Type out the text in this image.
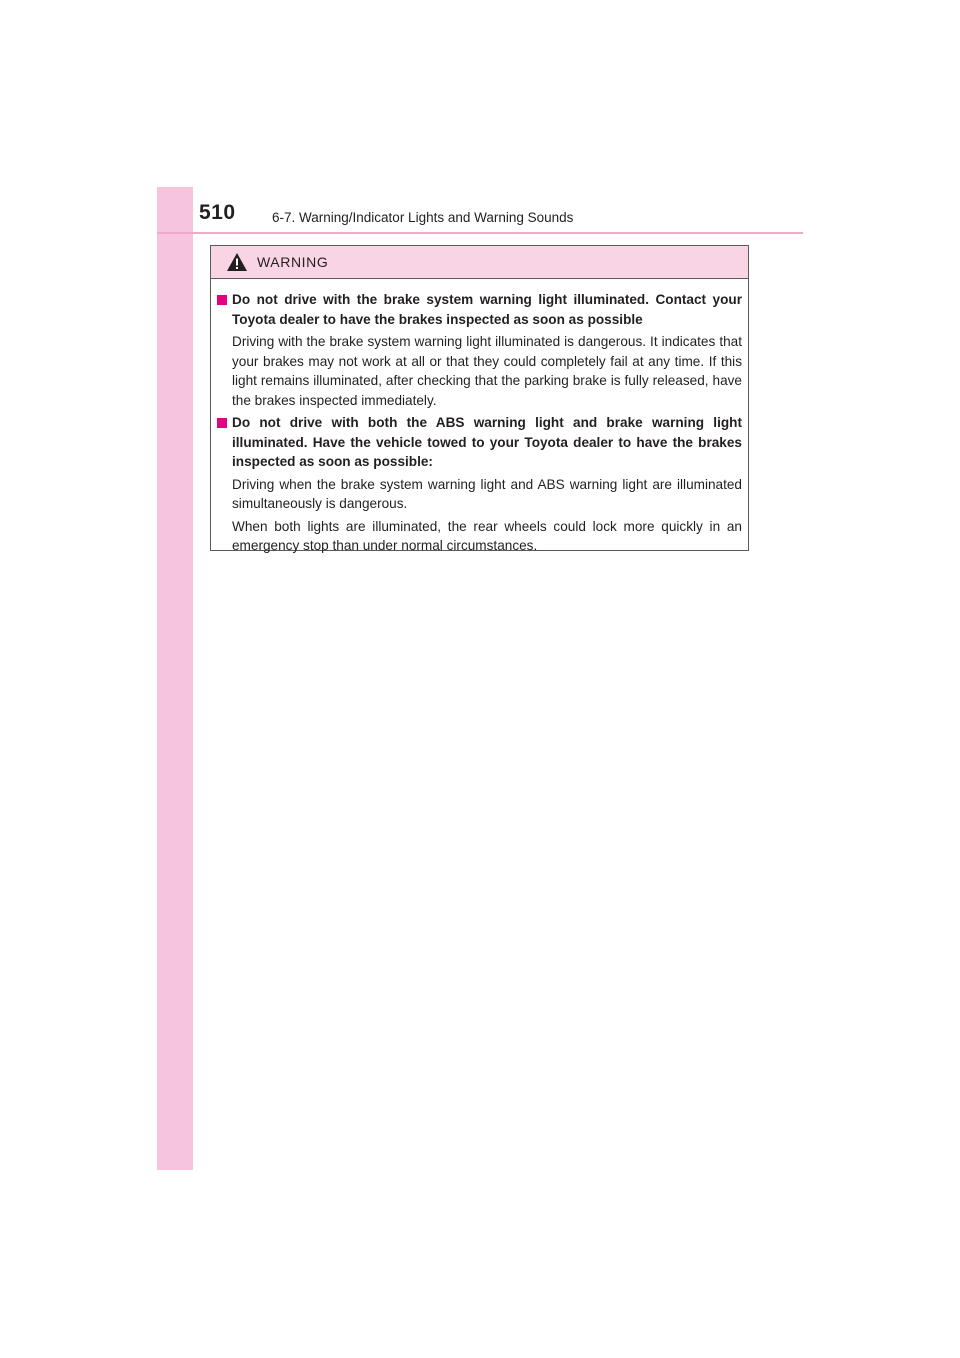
510	6-7. Warning/Indicator Lights and Warning Sounds
WARNING
Do not drive with the brake system warning light illuminated. Contact your Toyota dealer to have the brakes inspected as soon as possible
Driving with the brake system warning light illuminated is dangerous. It indicates that your brakes may not work at all or that they could completely fail at any time. If this light remains illuminated, after checking that the parking brake is fully released, have the brakes inspected immediately.
Do not drive with both the ABS warning light and brake warning light illuminated. Have the vehicle towed to your Toyota dealer to have the brakes inspected as soon as possible:
Driving when the brake system warning light and ABS warning light are illuminated simultaneously is dangerous.
When both lights are illuminated, the rear wheels could lock more quickly in an emergency stop than under normal circumstances.
